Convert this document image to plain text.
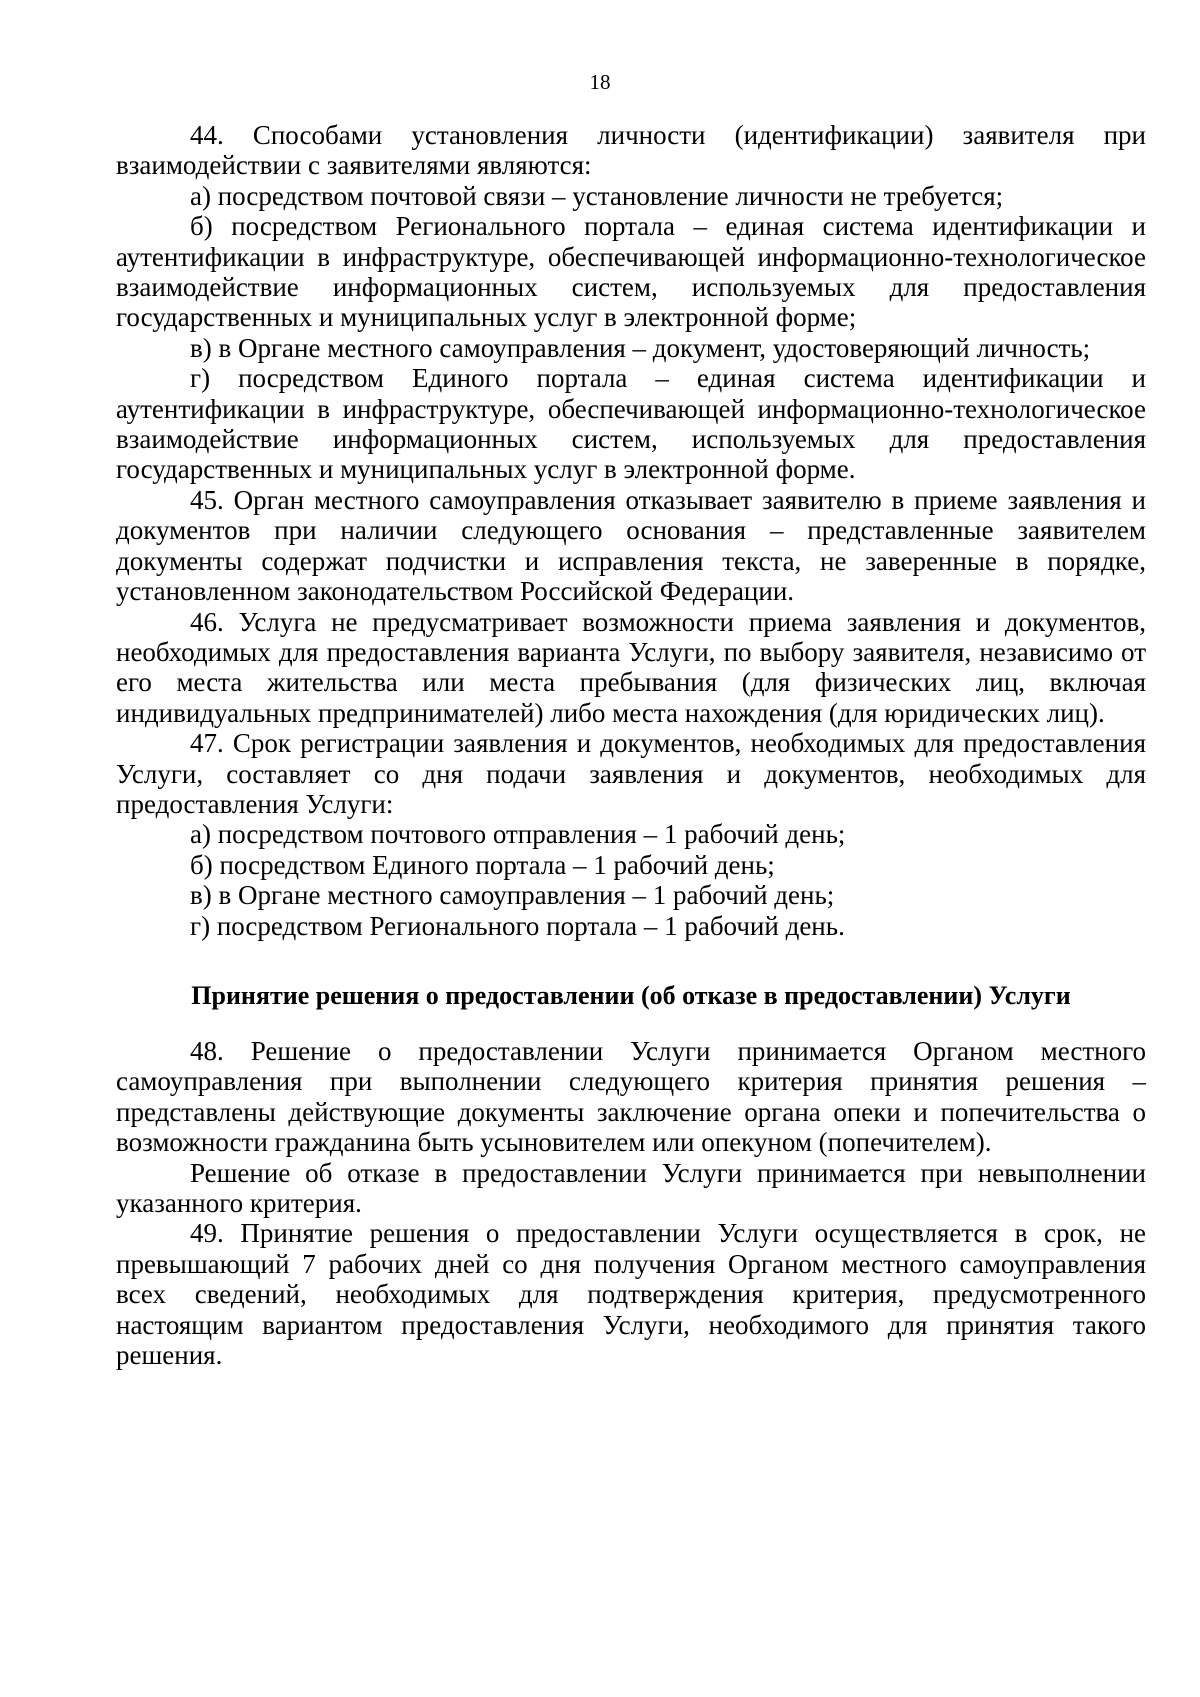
18

44. Способами установления личности (идентификации) заявителя при взаимодействии с заявителями являются:

а) посредством почтовой связи – установление личности не требуется;

б) посредством Регионального портала – единая система идентификации и аутентификации в инфраструктуре, обеспечивающей информационно-технологическое взаимодействие информационных систем, используемых для предоставления государственных и муниципальных услуг в электронной форме;

в) в Органе местного самоуправления – документ, удостоверяющий личность;

г) посредством Единого портала – единая система идентификации и аутентификации в инфраструктуре, обеспечивающей информационно-технологическое взаимодействие информационных систем, используемых для предоставления государственных и муниципальных услуг в электронной форме.

45. Орган местного самоуправления отказывает заявителю в приеме заявления и документов при наличии следующего основания – представленные заявителем документы содержат подчистки и исправления текста, не заверенные в порядке, установленном законодательством Российской Федерации.

46. Услуга не предусматривает возможности приема заявления и документов, необходимых для предоставления варианта Услуги, по выбору заявителя, независимо от его места жительства или места пребывания (для физических лиц, включая индивидуальных предпринимателей) либо места нахождения (для юридических лиц).

47. Срок регистрации заявления и документов, необходимых для предоставления Услуги, составляет со дня подачи заявления и документов, необходимых для предоставления Услуги:

а) посредством почтового отправления – 1 рабочий день;

б) посредством Единого портала – 1 рабочий день;

в) в Органе местного самоуправления – 1 рабочий день;

г) посредством Регионального портала – 1 рабочий день.

Принятие решения о предоставлении (об отказе в предоставлении) Услуги

48. Решение о предоставлении Услуги принимается Органом местного самоуправления при выполнении следующего критерия принятия решения – представлены действующие документы заключение органа опеки и попечительства о возможности гражданина быть усыновителем или опекуном (попечителем).

Решение об отказе в предоставлении Услуги принимается при невыполнении указанного критерия.

49. Принятие решения о предоставлении Услуги осуществляется в срок, не превышающий 7 рабочих дней со дня получения Органом местного самоуправления всех сведений, необходимых для подтверждения критерия, предусмотренного настоящим вариантом предоставления Услуги, необходимого для принятия такого решения.
